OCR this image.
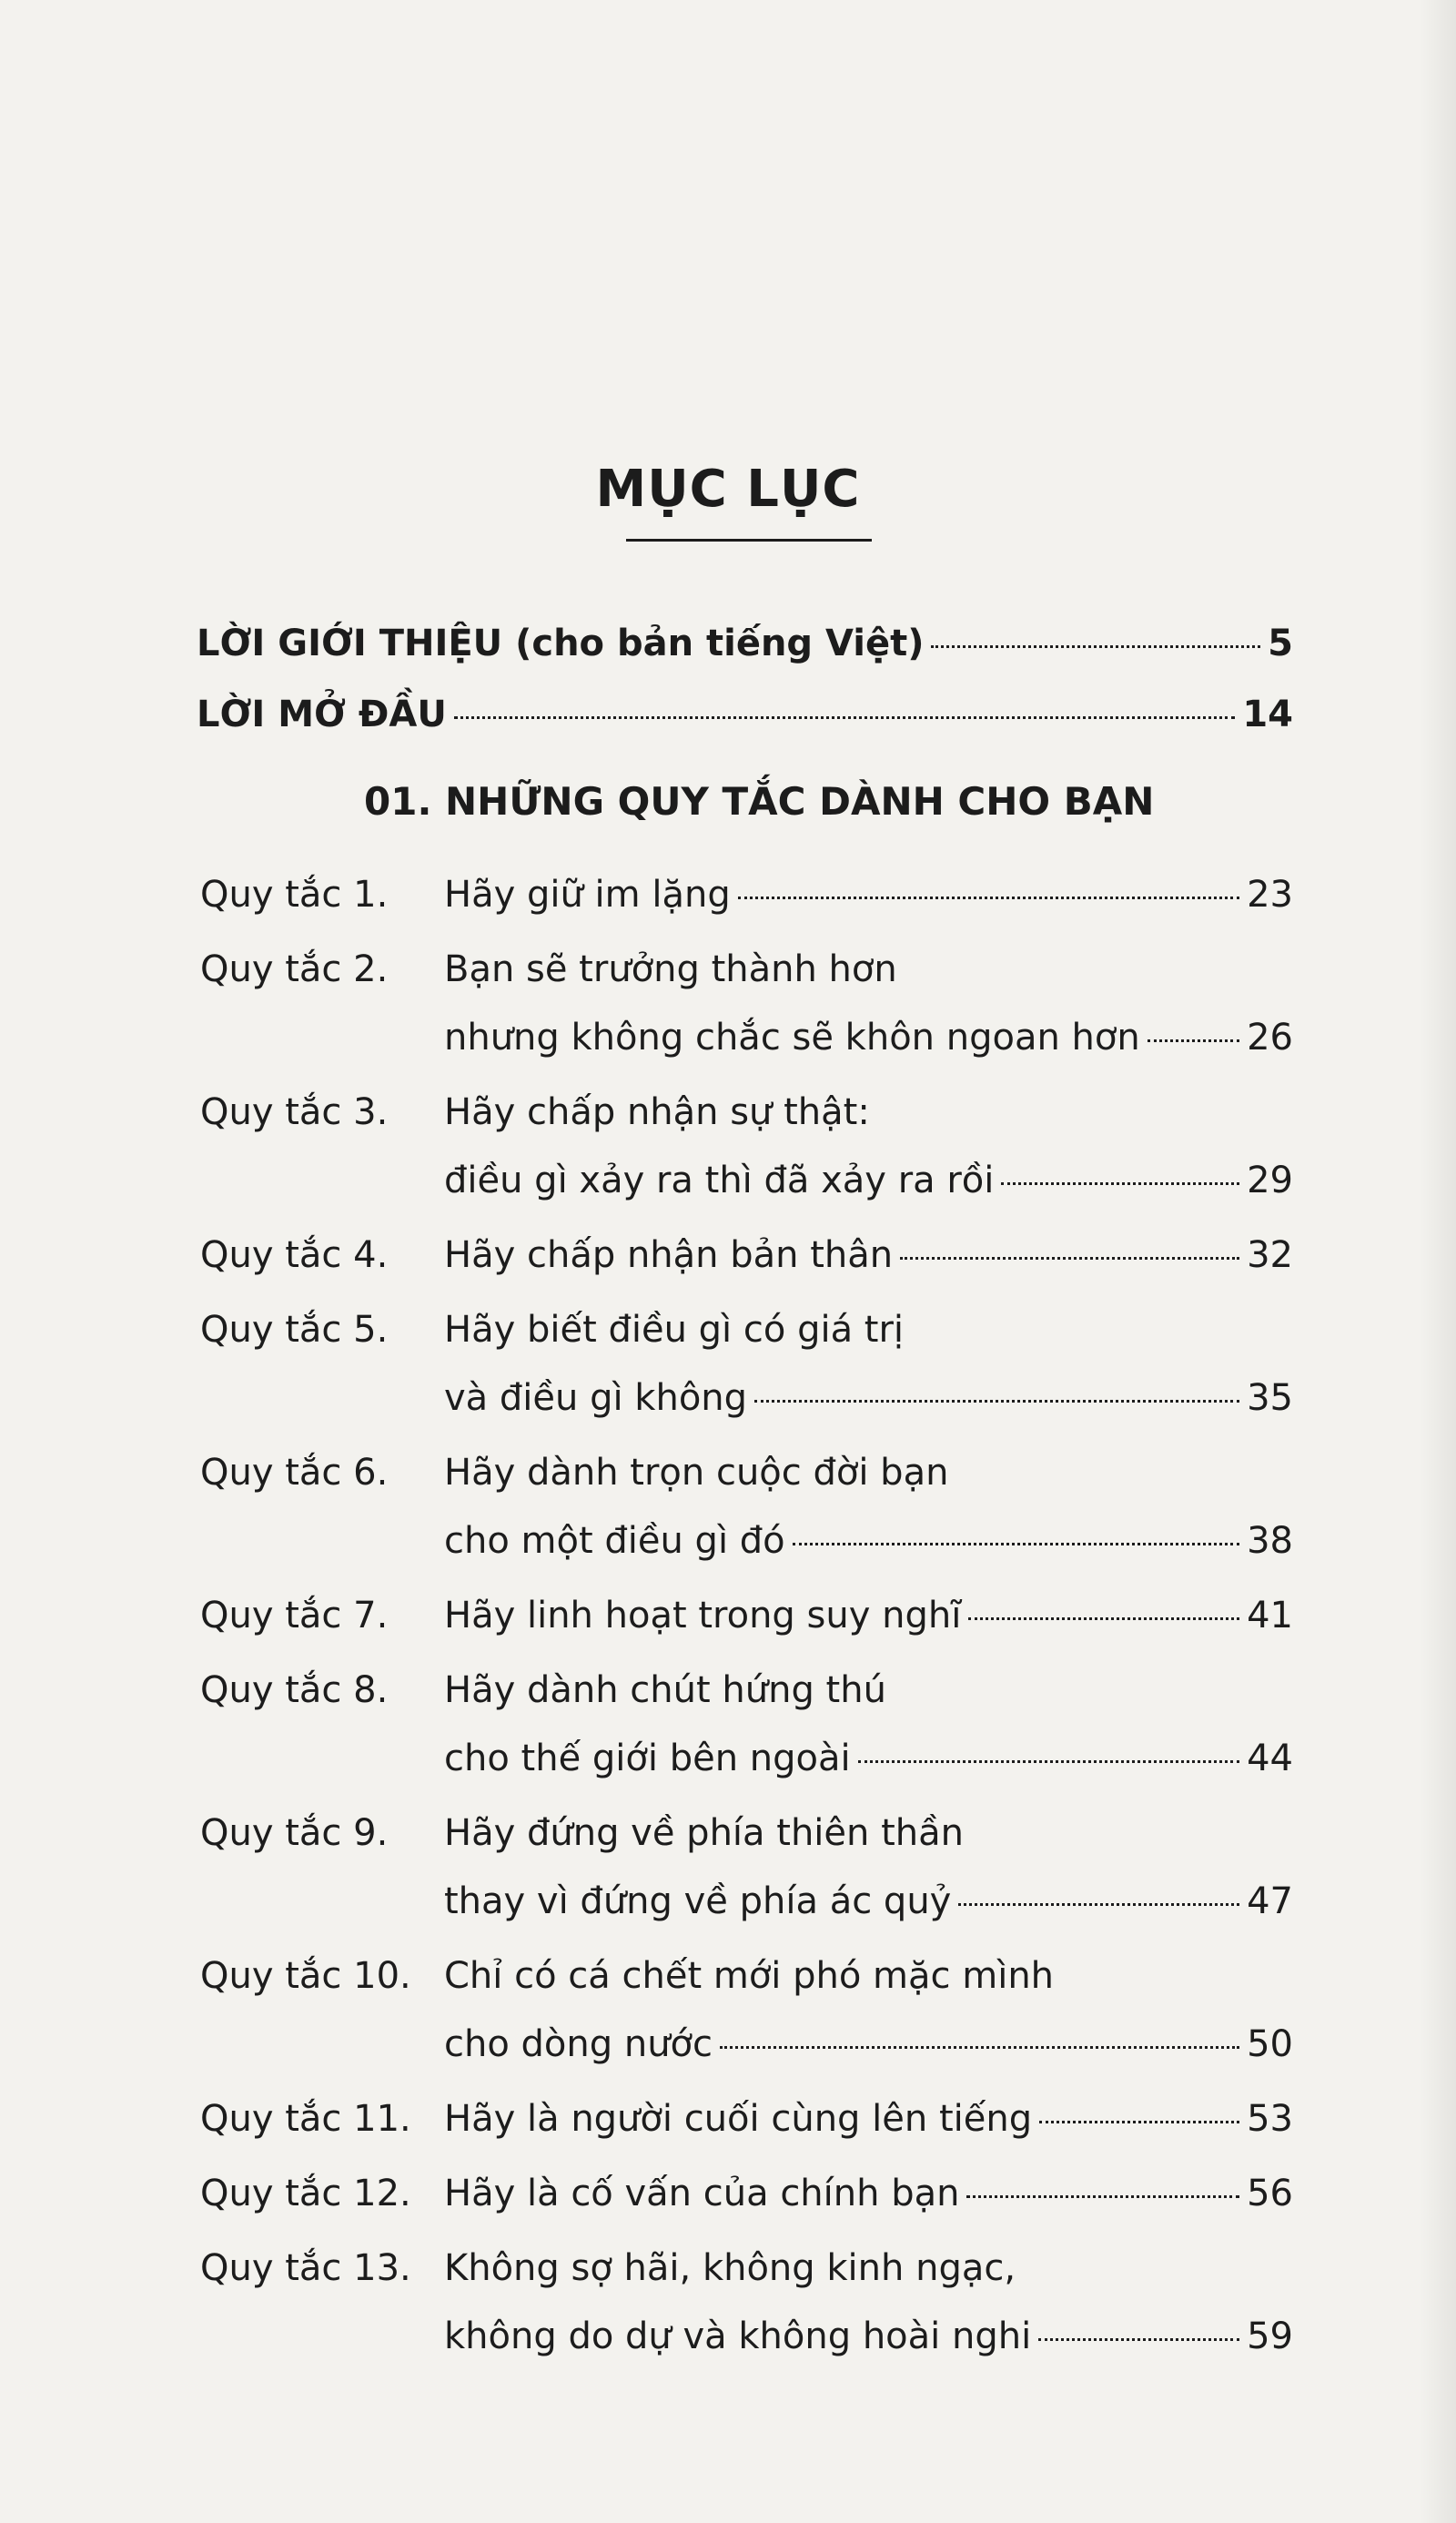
MỤC LỤC
LỜI GIỚI THIỆU (cho bản tiếng Việt)	5
LỜI MỞ ĐẦU	14
01. NHỮNG QUY TẮC DÀNH CHO BẠN
Quy tắc 1. Hãy giữ im lặng	23
Quy tắc 2. Bạn sẽ trưởng thành hơn
nhưng không chắc sẽ khôn ngoan hơn	26
Quy tắc 3. Hãy chấp nhận sự thật:
điều gì xảy ra thì đã xảy ra rồi	29
Quy tắc 4. Hãy chấp nhận bản thân	32
Quy tắc 5. Hãy biết điều gì có giá trị
và điều gì không	35
Quy tắc 6. Hãy dành trọn cuộc đời bạn
cho một điều gì đó	38
Quy tắc 7. Hãy linh hoạt trong suy nghĩ	41
Quy tắc 8. Hãy dành chút hứng thú
cho thế giới bên ngoài	44
Quy tắc 9. Hãy đứng về phía thiên thần
thay vì đứng về phía ác quỷ	47
Quy tắc 10. Chỉ có cá chết mới phó mặc mình
cho dòng nước	50
Quy tắc 11. Hãy là người cuối cùng lên tiếng	53
Quy tắc 12. Hãy là cố vấn của chính bạn	56
Quy tắc 13. Không sợ hãi, không kinh ngạc,
không do dự và không hoài nghi	59
